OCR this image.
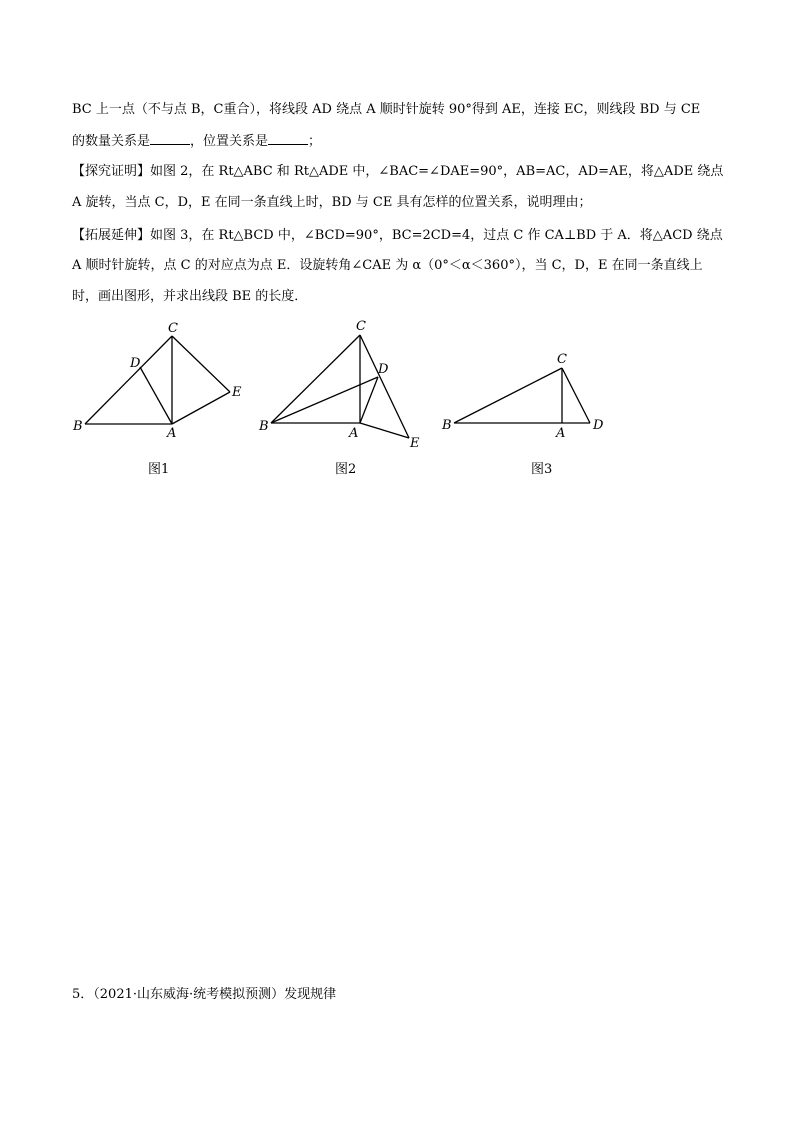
BC 上一点（不与点 B，C重合），将线段 AD 绕点 A 顺时针旋转 90°得到 AE，连接 EC，则线段 BD 与 CE
的数量关系是	，位置关系是	；
【探究证明】如图 2，在 Rt△ABC 和 Rt△ADE 中，∠BAC=∠DAE=90°，AB=AC，AD=AE，将△ADE 绕点
A 旋转，当点 C，D，E 在同一条直线上时，BD 与 CE 具有怎样的位置关系，说明理由；
【拓展延伸】如图 3，在 Rt△BCD 中，∠BCD=90°，BC=2CD=4，过点 C 作 CA⊥BD 于 A．将△ACD 绕点
A 顺时针旋转，点 C 的对应点为点 E．设旋转角∠CAE 为 α（0°＜α＜360°），当 C，D，E 在同一条直线上
时，画出图形，并求出线段 BE 的长度．
C
D
E
B	A
C
D
B	A
E
C
B
A
D
图1	图2	图3
5．（2021·山东威海·统考模拟预测）发现规律
